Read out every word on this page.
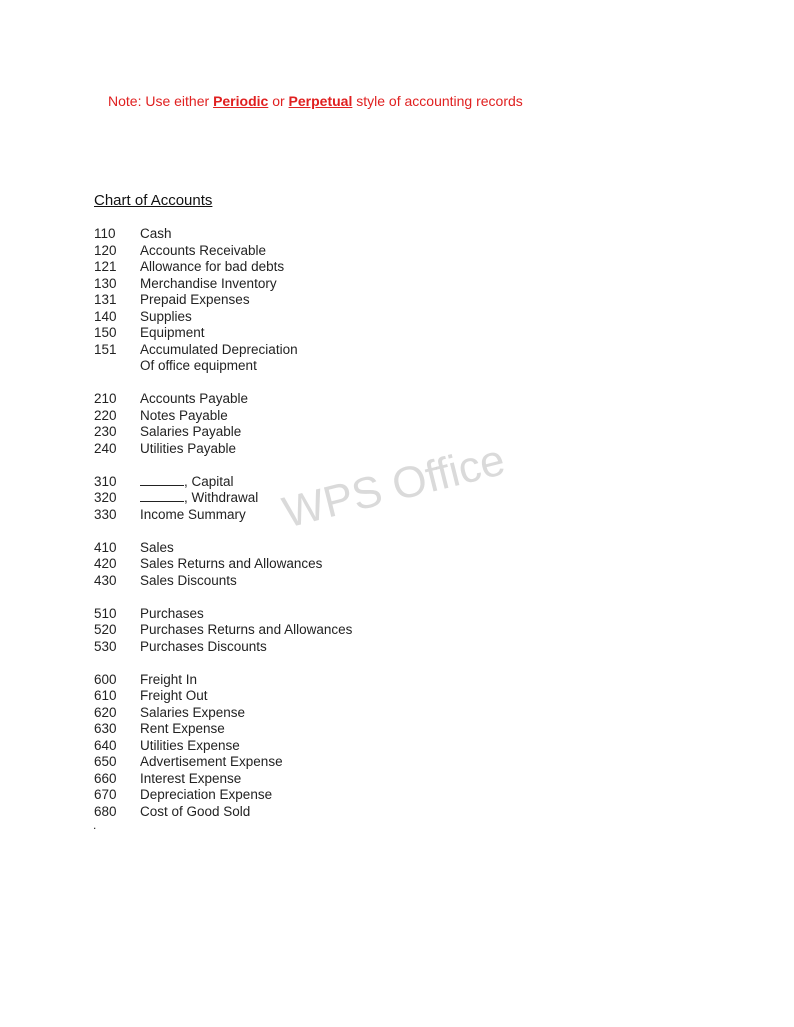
Note: Use either Periodic or Perpetual style of accounting records
Chart of Accounts
110	Cash
120	Accounts Receivable
121	Allowance for bad debts
130	Merchandise Inventory
131	Prepaid Expenses
140	Supplies
150	Equipment
151	Accumulated Depreciation
Of office equipment
210	Accounts Payable
220	Notes Payable
230	Salaries Payable
240	Utilities Payable
310	, Capital
320	, Withdrawal
330	Income Summary
410	Sales
420	Sales Returns and Allowances
430	Sales Discounts
510	Purchases
520	Purchases Returns and Allowances
530	Purchases Discounts
600	Freight In
610	Freight Out
620	Salaries Expense
630	Rent Expense
640	Utilities Expense
650	Advertisement Expense
660	Interest Expense
670	Depreciation Expense
680	Cost of Good Sold
WPS Office
.
